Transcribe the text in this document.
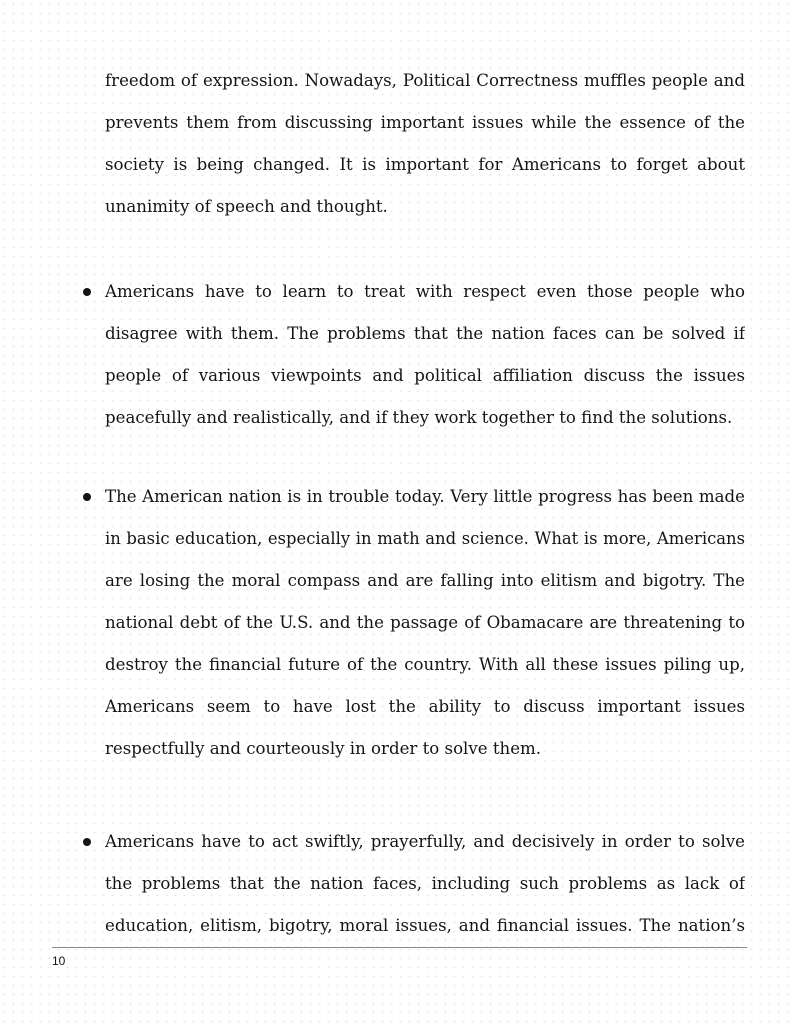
freedom of expression. Nowadays, Political Correctness muffles people and
prevents them from discussing important issues while the essence of the
society is being changed. It is important for Americans to forget about
unanimity of speech and thought.

Americans have to learn to treat with respect even those people who
disagree with them. The problems that the nation faces can be solved if
people of various viewpoints and political affiliation discuss the issues
peacefully and realistically, and if they work together to find the solutions.

The American nation is in trouble today. Very little progress has been made
in basic education, especially in math and science. What is more, Americans
are losing the moral compass and are falling into elitism and bigotry. The
national debt of the U.S. and the passage of Obamacare are threatening to
destroy the financial future of the country. With all these issues piling up,
Americans seem to have lost the ability to discuss important issues
respectfully and courteously in order to solve them.

Americans have to act swiftly, prayerfully, and decisively in order to solve
the problems that the nation faces, including such problems as lack of
education, elitism, bigotry, moral issues, and financial issues. The nation’s

10
